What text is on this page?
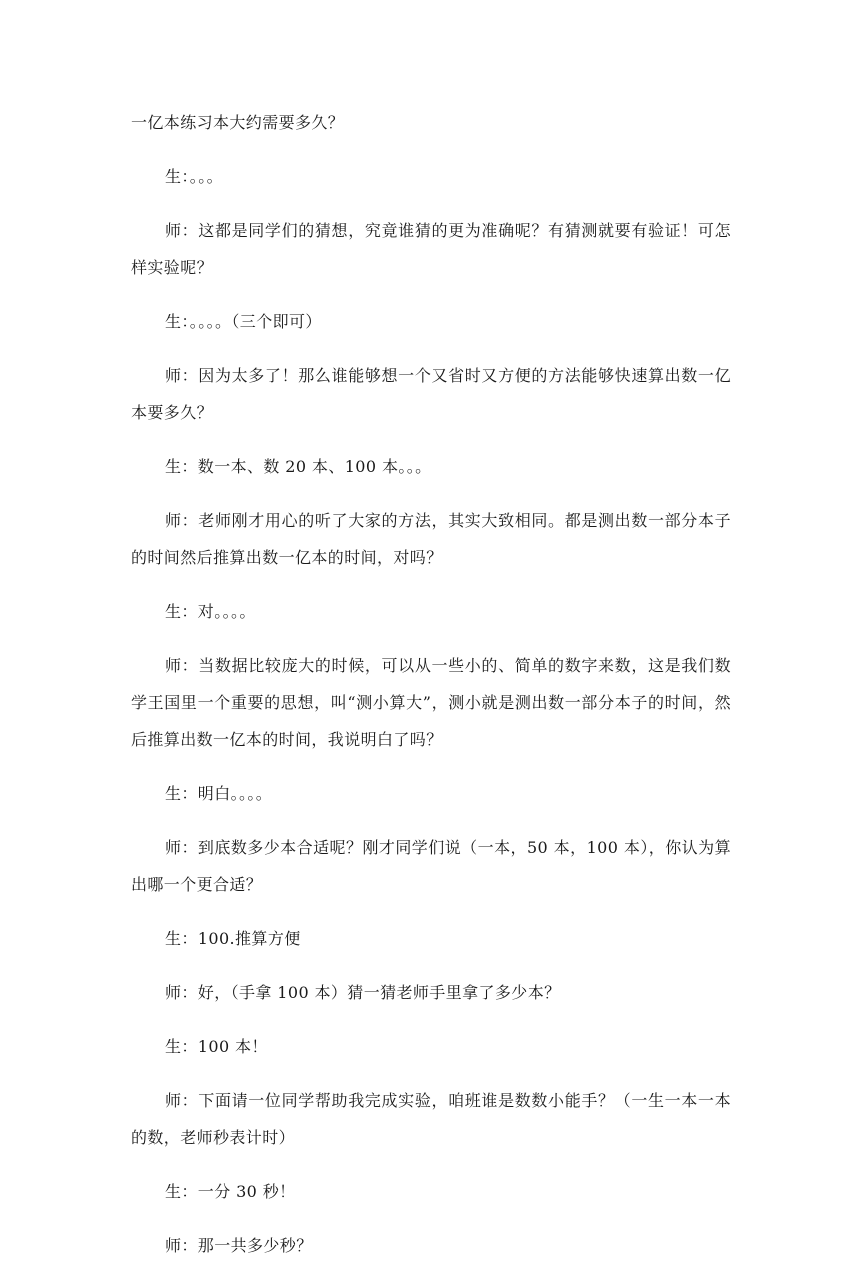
一亿本练习本大约需要多久？

生：。。。

师：这都是同学们的猜想，究竟谁猜的更为准确呢？有猜测就要有验证！可怎样实验呢？

生：。。。。（三个即可）

师：因为太多了！那么谁能够想一个又省时又方便的方法能够快速算出数一亿本要多久？

生：数一本、数 20 本、100 本。。。

师：老师刚才用心的听了大家的方法，其实大致相同。都是测出数一部分本子的时间然后推算出数一亿本的时间，对吗？

生：对。。。。

师：当数据比较庞大的时候，可以从一些小的、简单的数字来数，这是我们数学王国里一个重要的思想，叫“测小算大”，测小就是测出数一部分本子的时间，然后推算出数一亿本的时间，我说明白了吗？

生：明白。。。。

师：到底数多少本合适呢？刚才同学们说（一本，50 本，100 本），你认为算出哪一个更合适？

生：100.推算方便

师：好，（手拿 100 本）猜一猜老师手里拿了多少本？

生：100 本！

师：下面请一位同学帮助我完成实验，咱班谁是数数小能手？（一生一本一本的数，老师秒表计时）

生：一分 30 秒！

师：那一共多少秒？
